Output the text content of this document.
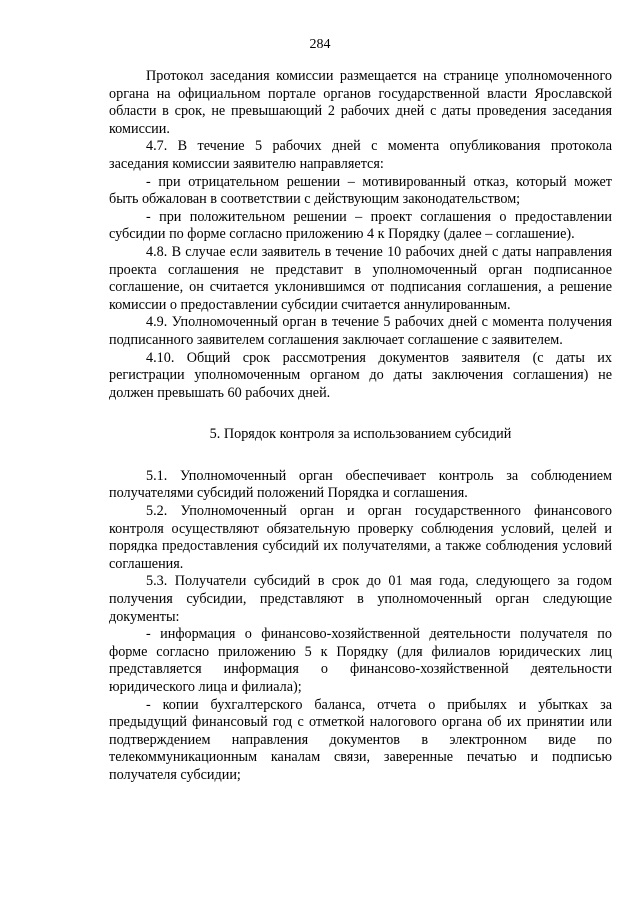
284

Протокол заседания комиссии размещается на странице уполномоченного органа на официальном портале органов государственной власти Ярославской области в срок, не превышающий 2 рабочих дней с даты проведения заседания комиссии.

4.7. В течение 5 рабочих дней с момента опубликования протокола заседания комиссии заявителю направляется:

- при отрицательном решении – мотивированный отказ, который может быть обжалован в соответствии с действующим законодательством;

- при положительном решении – проект соглашения о предоставлении субсидии по форме согласно приложению 4 к Порядку (далее – соглашение).

4.8. В случае если заявитель в течение 10 рабочих дней с даты направления проекта соглашения не представит в уполномоченный орган подписанное соглашение, он считается уклонившимся от подписания соглашения, а решение комиссии о предоставлении субсидии считается аннулированным.

4.9. Уполномоченный орган в течение 5 рабочих дней с момента получения подписанного заявителем соглашения заключает соглашение с заявителем.

4.10. Общий срок рассмотрения документов заявителя (с даты их регистрации уполномоченным органом до даты заключения соглашения) не должен превышать 60 рабочих дней.

5. Порядок контроля за использованием субсидий

5.1. Уполномоченный орган обеспечивает контроль за соблюдением получателями субсидий положений Порядка и соглашения.

5.2. Уполномоченный орган и орган государственного финансового контроля осуществляют обязательную проверку соблюдения условий, целей и порядка предоставления субсидий их получателями, а также соблюдения условий соглашения.

5.3. Получатели субсидий в срок до 01 мая года, следующего за годом получения субсидии, представляют в уполномоченный орган следующие документы:

- информация о финансово-хозяйственной деятельности получателя по форме согласно приложению 5 к Порядку (для филиалов юридических лиц представляется информация о финансово-хозяйственной деятельности юридического лица и филиала);

- копии бухгалтерского баланса, отчета о прибылях и убытках за предыдущий финансовый год с отметкой налогового органа об их принятии или подтверждением направления документов в электронном виде по телекоммуникационным каналам связи, заверенные печатью и подписью получателя субсидии;
